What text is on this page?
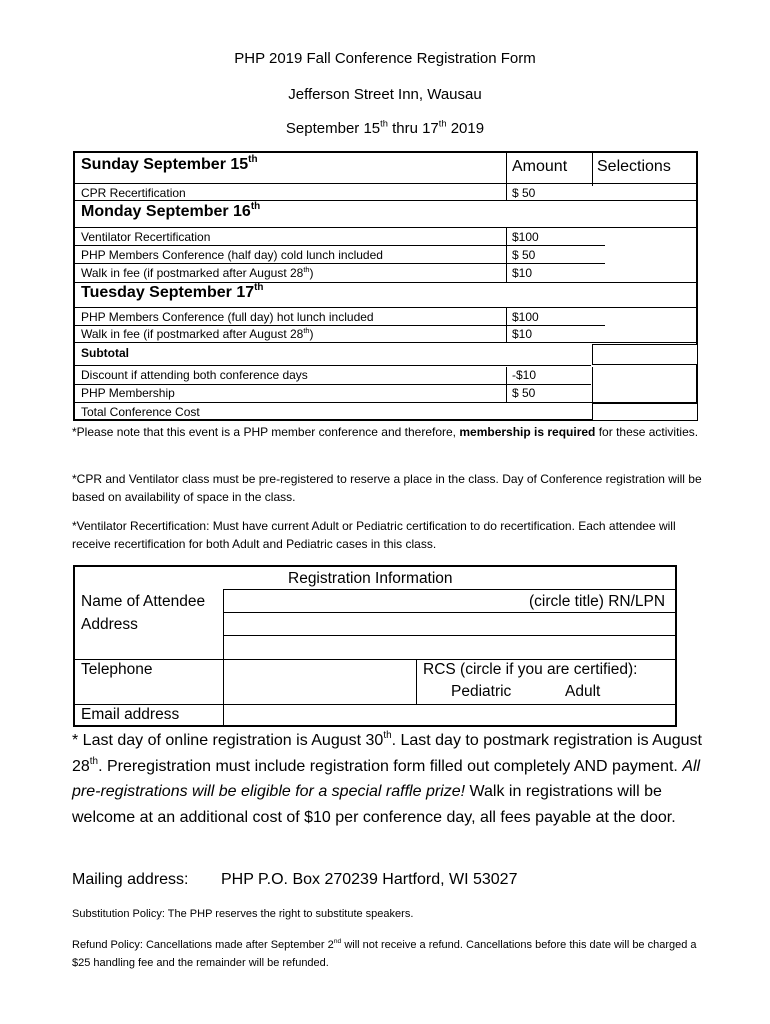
PHP 2019 Fall Conference Registration Form
Jefferson Street Inn, Wausau
September 15th thru 17th 2019
Sunday September 15th	Amount Selections
CPR Recertification	$ 50
Monday September 16th
Ventilator Recertification	$100
PHP Members Conference (half day) cold lunch included	$ 50
Walk in fee (if postmarked after August 28th)	$10
Tuesday September 17th
PHP Members Conference (full day) hot lunch included	$100
Walk in fee (if postmarked after August 28th)	$10
Subtotal
Discount if attending both conference days	-$10
PHP Membership	$ 50
Total Conference Cost
*Please note that this event is a PHP member conference and therefore, membership is required for these activities.
*CPR and Ventilator class must be pre-registered to reserve a place in the class. Day of Conference registration will be based on availability of space in the class.
*Ventilator Recertification: Must have current Adult or Pediatric certification to do recertification. Each attendee will receive recertification for both Adult and Pediatric cases in this class.
Registration Information
Name of Attendee	(circle title) RN/LPN
Address
Telephone	RCS (circle if you are certified):
Pediatric	Adult
Email address
* Last day of online registration is August 30th. Last day to postmark registration is August 28th. Preregistration must include registration form filled out completely AND payment. All pre-registrations will be eligible for a special raffle prize! Walk in registrations will be welcome at an additional cost of $10 per conference day, all fees payable at the door.
Mailing address: PHP P.O. Box 270239 Hartford, WI 53027
Substitution Policy: The PHP reserves the right to substitute speakers.
Refund Policy: Cancellations made after September 2nd will not receive a refund. Cancellations before this date will be charged a $25 handling fee and the remainder will be refunded.
